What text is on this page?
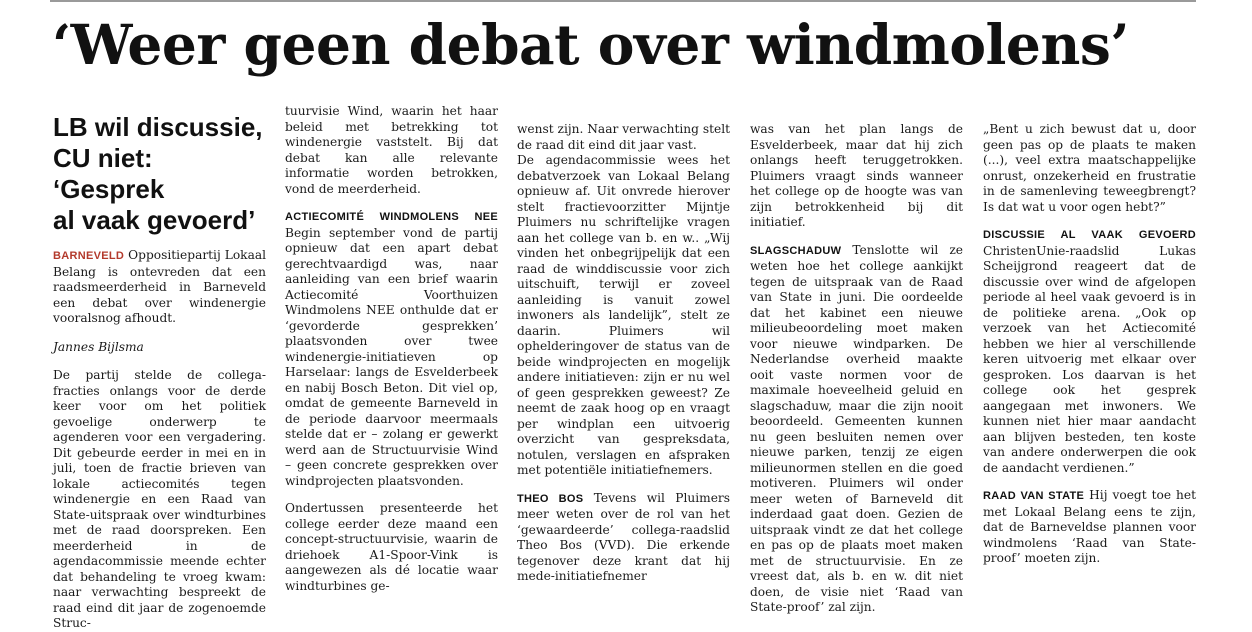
‘Weer geen debat over windmolens’
LB wil discussie,
CU niet: ‘Gesprek
al vaak gevoerd’

BARNEVELD Oppositiepartij Lokaal Belang is ontevreden dat een raadsmeerderheid in Barneveld een debat over windenergie vooralsnog afhoudt.

Jannes Bijlsma

De partij stelde de collega-fracties onlangs voor de derde keer voor om het politiek gevoelige onderwerp te agenderen voor een vergadering. Dit gebeurde eerder in mei en in juli, toen de fractie brieven van lokale actiecomités tegen windenergie en een Raad van State-uitspraak over windturbines met de raad doorspreken. Een meerderheid in de agendacommissie meende echter dat behandeling te vroeg kwam: naar verwachting bespreekt de raad eind dit jaar de zogenoemde Struc-

tuurvisie Wind, waarin het haar beleid met betrekking tot windenergie vaststelt. Bij dat debat kan alle relevante informatie worden betrokken, vond de meerderheid.

ACTIECOMITÉ WINDMOLENS NEE Begin september vond de partij opnieuw dat een apart debat gerechtvaardigd was, naar aanleiding van een brief waarin Actiecomité Voorthuizen Windmolens NEE onthulde dat er ‘gevorderde gesprekken’ plaatsvonden over twee windenergie-initiatieven op Harselaar: langs de Esvelderbeek en nabij Bosch Beton. Dit viel op, omdat de gemeente Barneveld in de periode daarvoor meermaals stelde dat er – zolang er gewerkt werd aan de Structuurvisie Wind – geen concrete gesprekken over windprojecten plaatsvonden.

Ondertussen presenteerde het college eerder deze maand een concept-structuurvisie, waarin de driehoek A1-Spoor-Vink is aangewezen als dé locatie waar windturbines ge-

wenst zijn. Naar verwachting stelt de raad dit eind dit jaar vast.

De agendacommissie wees het debatverzoek van Lokaal Belang opnieuw af. Uit onvrede hierover stelt fractievoorzitter Mijntje Pluimers nu schriftelijke vragen aan het college van b. en w.. „Wij vinden het onbegrijpelijk dat een raad de winddiscussie voor zich uitschuift, terwijl er zoveel aanleiding is vanuit zowel inwoners als landelijk”, stelt ze daarin. Pluimers wil ophelderingover de status van de beide windprojecten en mogelijk andere initiatieven: zijn er nu wel of geen gesprekken geweest? Ze neemt de zaak hoog op en vraagt per windplan een uitvoerig overzicht van gespreksdata, notulen, verslagen en afspraken met potentiële initiatiefnemers.

THEO BOS Tevens wil Pluimers meer weten over de rol van het ‘gewaardeerde’ collega-raadslid Theo Bos (VVD). Die erkende tegenover deze krant dat hij mede-initiatiefnemer

was van het plan langs de Esvelderbeek, maar dat hij zich onlangs heeft teruggetrokken. Pluimers vraagt sinds wanneer het college op de hoogte was van zijn betrokkenheid bij dit initiatief.

SLAGSCHADUW Tenslotte wil ze weten hoe het college aankijkt tegen de uitspraak van de Raad van State in juni. Die oordeelde dat het kabinet een nieuwe milieubeoordeling moet maken voor nieuwe windparken. De Nederlandse overheid maakte ooit vaste normen voor de maximale hoeveelheid geluid en slagschaduw, maar die zijn nooit beoordeeld. Gemeenten kunnen nu geen besluiten nemen over nieuwe parken, tenzij ze eigen milieunormen stellen en die goed motiveren. Pluimers wil onder meer weten of Barneveld dit inderdaad gaat doen. Gezien de uitspraak vindt ze dat het college en pas op de plaats moet maken met de structuurvisie. En ze vreest dat, als b. en w. dit niet doen, de visie niet ‘Raad van State-proof’ zal zijn.

„Bent u zich bewust dat u, door geen pas op de plaats te maken (...), veel extra maatschappelijke onrust, onzekerheid en frustratie in de samenleving teweegbrengt? Is dat wat u voor ogen hebt?”

DISCUSSIE AL VAAK GEVOERD ChristenUnie-raadslid Lukas Scheijgrond reageert dat de discussie over wind de afgelopen periode al heel vaak gevoerd is in de politieke arena. „Ook op verzoek van het Actiecomité hebben we hier al verschillende keren uitvoerig met elkaar over gesproken. Los daarvan is het college ook het gesprek aangegaan met inwoners. We kunnen niet hier maar aandacht aan blijven besteden, ten koste van andere onderwerpen die ook de aandacht verdienen.”

RAAD VAN STATE Hij voegt toe het met Lokaal Belang eens te zijn, dat de Barneveldse plannen voor windmolens ‘Raad van State-proof’ moeten zijn.
